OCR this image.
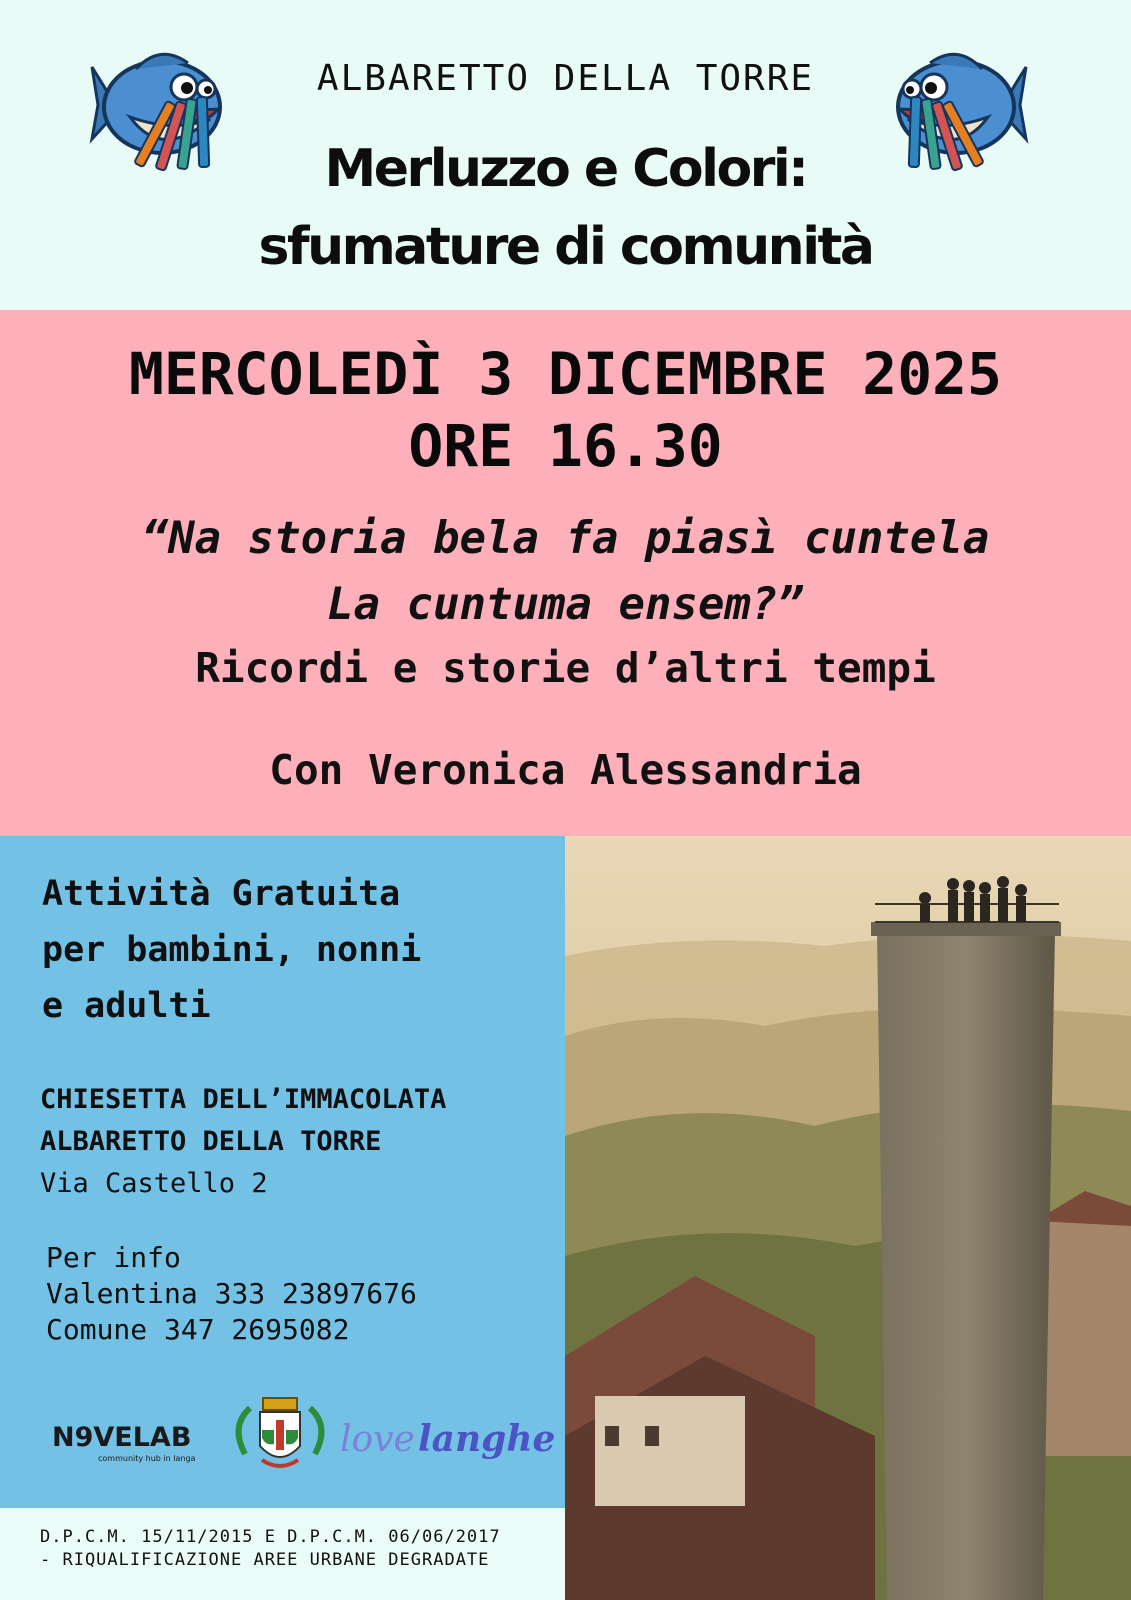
ALBARETTO DELLA TORRE
Merluzzo e Colori:
sfumature di comunità
MERCOLEDÌ 3 DICEMBRE 2025
ORE 16.30
“Na storia bela fa piasì cuntela
La cuntuma ensem?”
Ricordi e storie d’altri tempi
Con Veronica Alessandria
Attività Gratuita
per bambini, nonni
e adulti
CHIESETTA DELL’IMMACOLATA
ALBARETTO DELLA TORRE
Via Castello 2
Per info
Valentina 333 23897676
Comune 347 2695082
N9VELAB
community hub in langa	love langhe
D.P.C.M. 15/11/2015 E D.P.C.M. 06/06/2017
- RIQUALIFICAZIONE AREE URBANE DEGRADATE
